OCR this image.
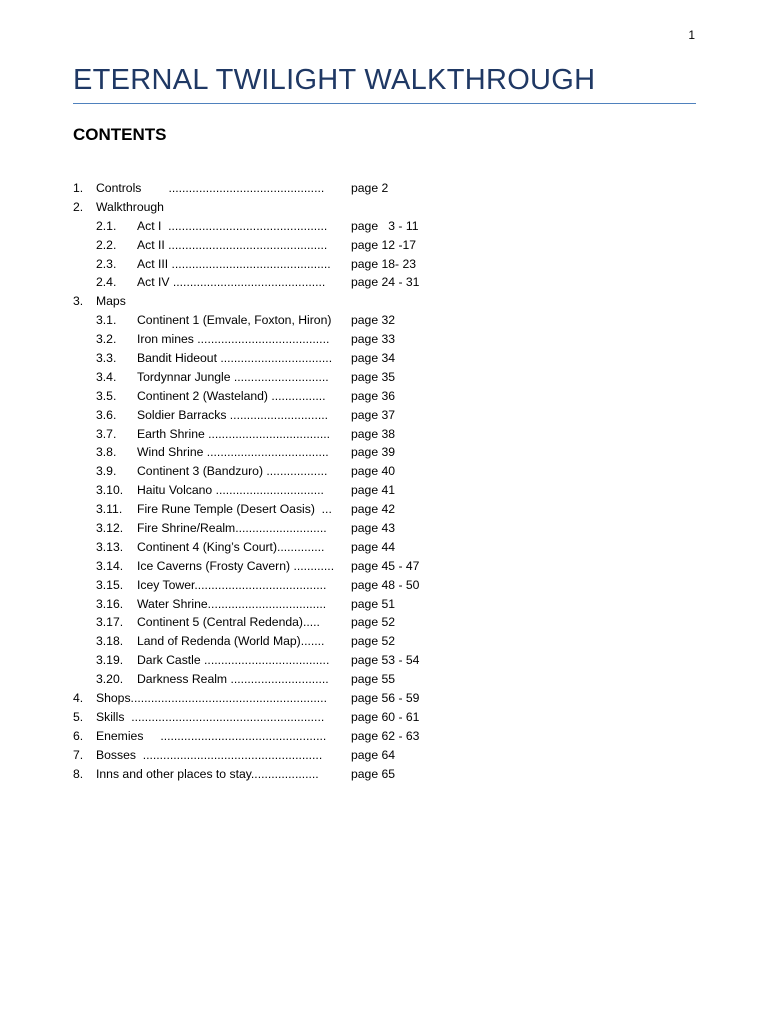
1
ETERNAL TWILIGHT WALKTHROUGH
CONTENTS
1. Controls        .............................................. page 2
2. Walkthrough
2.1. Act I  ............................................... page   3 - 11
2.2. Act II ............................................... page 12 -17
2.3. Act III ............................................... page 18- 23
2.4. Act IV ............................................. page 24 - 31
3. Maps
3.1. Continent 1 (Emvale, Foxton, Hiron) page 32
3.2. Iron mines ....................................... page 33
3.3. Bandit Hideout ................................. page 34
3.4. Tordynnar Jungle ............................ page 35
3.5. Continent 2 (Wasteland) ................ page 36
3.6. Soldier Barracks ............................. page 37
3.7. Earth Shrine .................................... page 38
3.8. Wind Shrine .................................... page 39
3.9. Continent 3 (Bandzuro) .................. page 40
3.10. Haitu Volcano ................................ page 41
3.11. Fire Rune Temple (Desert Oasis)  ... page 42
3.12. Fire Shrine/Realm........................... page 43
3.13. Continent 4 (King’s Court).............. page 44
3.14. Ice Caverns (Frosty Cavern) ............ page 45 - 47
3.15. Icey Tower....................................... page 48 - 50
3.16. Water Shrine................................... page 51
3.17. Continent 5 (Central Redenda).....	page 52
3.18. Land of Redenda (World Map)....... page 52
3.19. Dark Castle ..................................... page 53 - 54
3.20. Darkness Realm ............................. page 55
4. Shops.......................................................... page 56 - 59
5. Skills  ......................................................... page 60 - 61
6. Enemies     ................................................. page 62 - 63
7. Bosses  ..................................................... page 64
8. Inns and other places to stay....................	page 65
